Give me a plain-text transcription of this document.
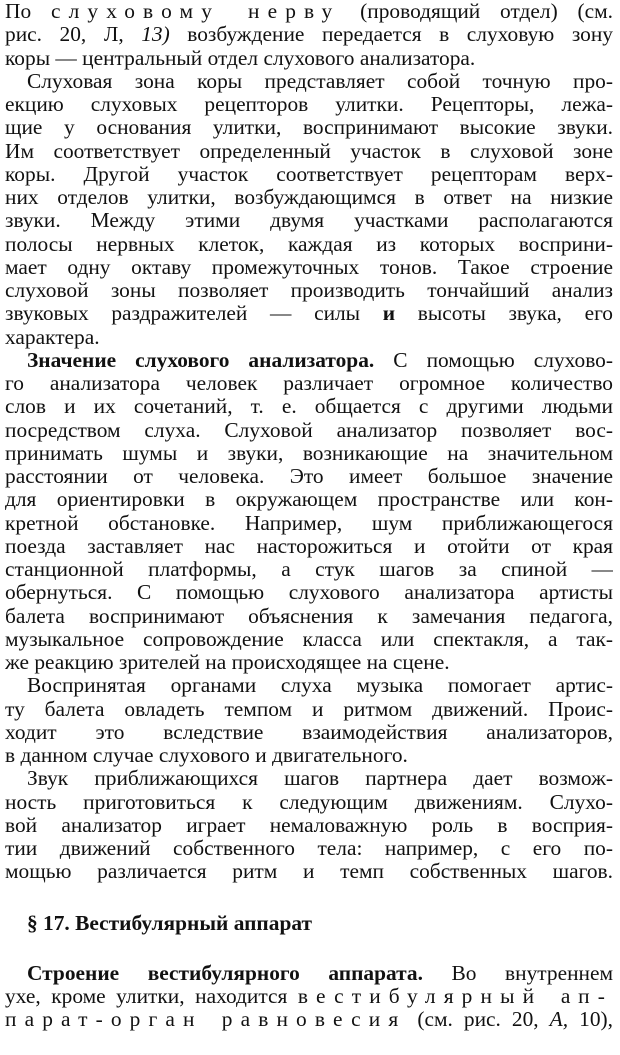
По слуховому нерву (проводящий отдел) (см.
рис. 20, Л, 13) возбуждение передается в слуховую зону
коры — центральный отдел слухового анализатора.
Слуховая зона коры представляет собой точную про-
екцию слуховых рецепторов улитки. Рецепторы, лежа-
щие у основания улитки, воспринимают высокие звуки.
Им соответствует определенный участок в слуховой зоне
коры. Другой участок соответствует рецепторам верх-
них отделов улитки, возбуждающимся в ответ на низкие
звуки. Между этими двумя участками располагаются
полосы нервных клеток, каждая из которых восприни-
мает одну октаву промежуточных тонов. Такое строение
слуховой зоны позволяет производить тончайший анализ
звуковых раздражителей — силы и высоты звука, его
характера.
Значение слухового анализатора. С помощью слухово-
го анализатора человек различает огромное количество
слов и их сочетаний, т. е. общается с другими людьми
посредством слуха. Слуховой анализатор позволяет вос-
принимать шумы и звуки, возникающие на значительном
расстоянии от человека. Это имеет большое значение
для ориентировки в окружающем пространстве или кон-
кретной обстановке. Например, шум приближающегося
поезда заставляет нас насторожиться и отойти от края
станционной платформы, а стук шагов за спиной —
обернуться. С помощью слухового анализатора артисты
балета воспринимают объяснения к замечания педагога,
музыкальное сопровождение класса или спектакля, а так-
же реакцию зрителей на происходящее на сцене.
Воспринятая органами слуха музыка помогает артис-
ту балета овладеть темпом и ритмом движений. Проис-
ходит это вследствие взаимодействия анализаторов,
в данном случае слухового и двигательного.
Звук приближающихся шагов партнера дает возмож-
ность приготовиться к следующим движениям. Слухо-
вой анализатор играет немаловажную роль в восприя-
тии движений собственного тела: например, с его по-
мощью различается ритм и темп собственных шагов.
§ 17. Вестибулярный аппарат
Строение вестибулярного аппарата. Во внутреннем
ухе, кроме улитки, находится вестибулярный ап-
парат-орган равновесия (см. рис. 20, А, 10),
